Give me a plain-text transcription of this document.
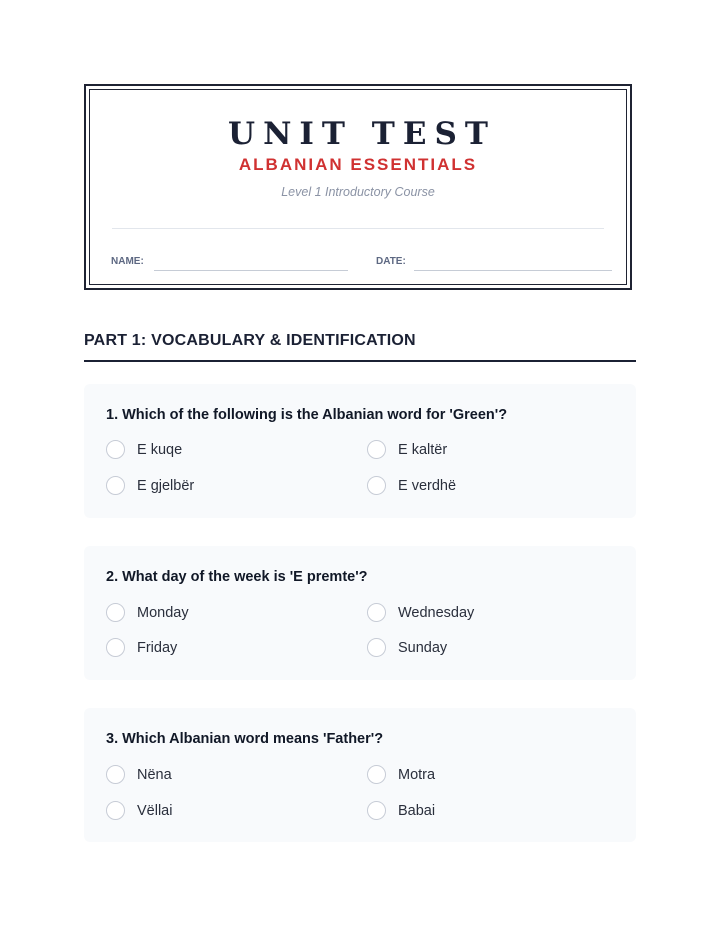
UNIT TEST
ALBANIAN ESSENTIALS
Level 1 Introductory Course
NAME:	DATE:
PART 1: VOCABULARY & IDENTIFICATION
1. Which of the following is the Albanian word for 'Green'?
E kuqe	E kaltër
E gjelbër	E verdhë
2. What day of the week is 'E premte'?
Monday	Wednesday
Friday	Sunday
3. Which Albanian word means 'Father'?
Nëna	Motra
Vëllai	Babai
